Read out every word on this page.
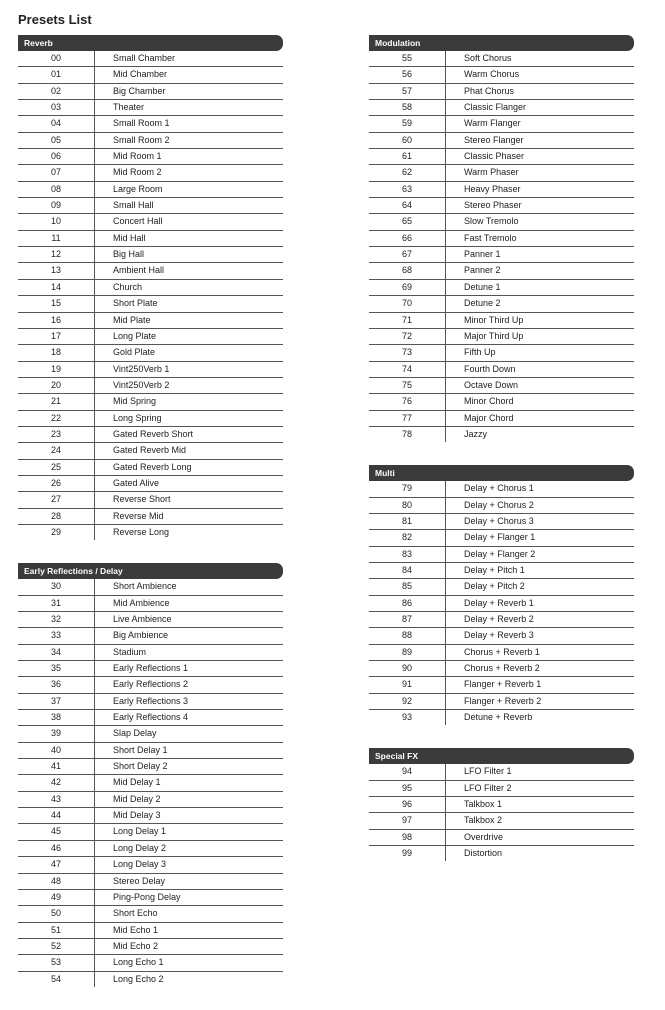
Presets List
Reverb
00	Small Chamber
01	Mid Chamber
02	Big Chamber
03	Theater
04	Small Room 1
05	Small Room 2
06	Mid Room 1
07	Mid Room 2
08	Large Room
09	Small Hall
10	Concert Hall
11	Mid Hall
12	Big Hall
13	Ambient Hall
14	Church
15	Short Plate
16	Mid Plate
17	Long Plate
18	Gold Plate
19	Vint250Verb 1
20	Vint250Verb 2
21	Mid Spring
22	Long Spring
23	Gated Reverb Short
24	Gated Reverb Mid
25	Gated Reverb Long
26	Gated Alive
27	Reverse Short
28	Reverse Mid
29	Reverse Long
Early Reflections / Delay
30	Short Ambience
31	Mid Ambience
32	Live Ambience
33	Big Ambience
34	Stadium
35	Early Reflections 1
36	Early Reflections 2
37	Early Reflections 3
38	Early Reflections 4
39	Slap Delay
40	Short Delay 1
41	Short Delay 2
42	Mid Delay 1
43	Mid Delay 2
44	Mid Delay 3
45	Long Delay 1
46	Long Delay 2
47	Long Delay 3
48	Stereo Delay
49	Ping-Pong Delay
50	Short Echo
51	Mid Echo 1
52	Mid Echo 2
53	Long Echo 1
54	Long Echo 2
Modulation
55	Soft Chorus
56	Warm Chorus
57	Phat Chorus
58	Classic Flanger
59	Warm Flanger
60	Stereo Flanger
61	Classic Phaser
62	Warm Phaser
63	Heavy Phaser
64	Stereo Phaser
65	Slow Tremolo
66	Fast Tremolo
67	Panner 1
68	Panner 2
69	Detune 1
70	Detune 2
71	Minor Third Up
72	Major Third Up
73	Fifth Up
74	Fourth Down
75	Octave Down
76	Minor Chord
77	Major Chord
78	Jazzy
Multi
79	Delay + Chorus 1
80	Delay + Chorus 2
81	Delay + Chorus 3
82	Delay + Flanger 1
83	Delay + Flanger 2
84	Delay + Pitch 1
85	Delay + Pitch 2
86	Delay + Reverb 1
87	Delay + Reverb 2
88	Delay + Reverb 3
89	Chorus + Reverb 1
90	Chorus + Reverb 2
91	Flanger + Reverb 1
92	Flanger + Reverb 2
93	Detune + Reverb
Special FX
94	LFO Filter 1
95	LFO Filter 2
96	Talkbox 1
97	Talkbox 2
98	Overdrive
99	Distortion
